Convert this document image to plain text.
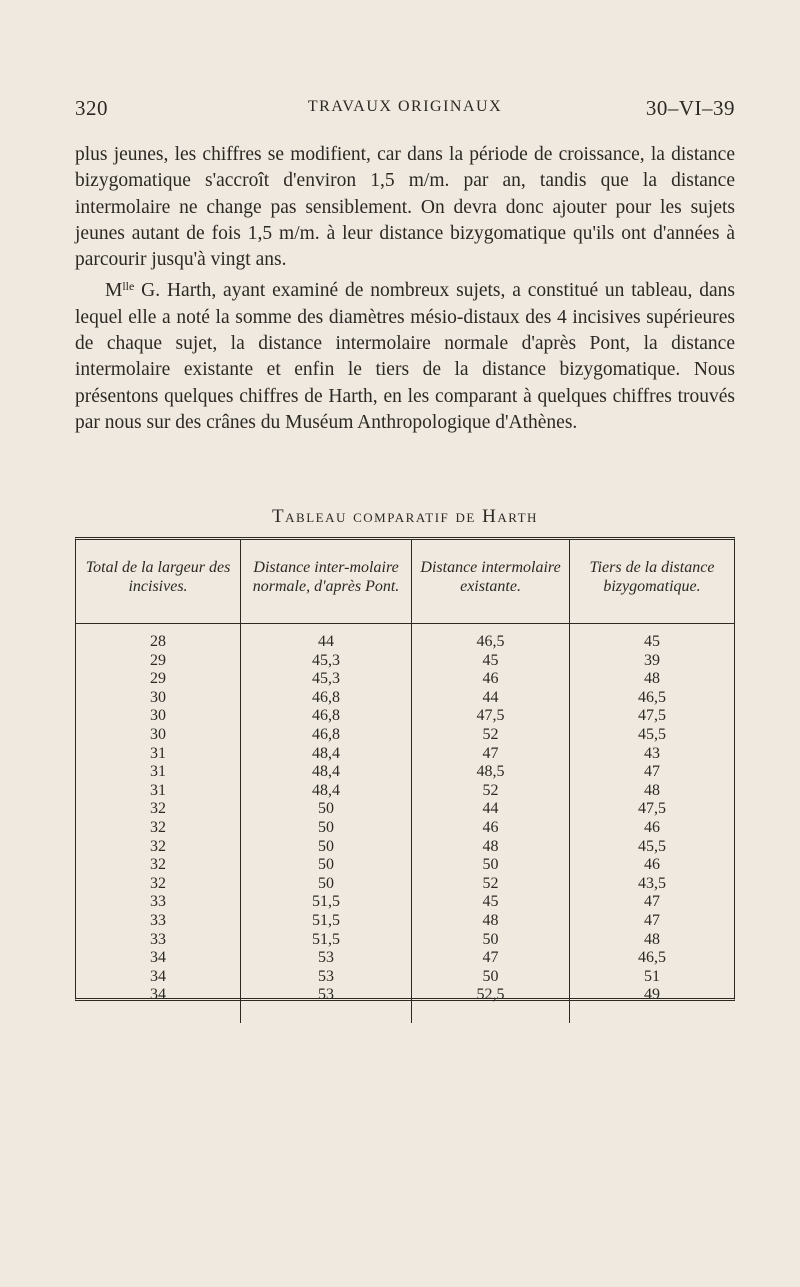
320	TRAVAUX ORIGINAUX	30–VI–39

plus jeunes, les chiffres se modifient, car dans la période de croissance, la distance bizygomatique s'accroît d'environ 1,5 m/m. par an, tandis que la distance intermolaire ne change pas sensiblement. On devra donc ajouter pour les sujets jeunes autant de fois 1,5 m/m. à leur distance bizygomatique qu'ils ont d'années à parcourir jusqu'à vingt ans.

$M^{lle}$ G. Harth, ayant examiné de nombreux sujets, a constitué un tableau, dans lequel elle a noté la somme des diamètres mésio-distaux des 4 incisives supérieures de chaque sujet, la distance intermolaire normale d'après Pont, la distance intermolaire existante et enfin le tiers de la distance bizygomatique. Nous présentons quelques chiffres de Harth, en les comparant à quelques chiffres trouvés par nous sur des crânes du Muséum Anthropologique d'Athènes.

Tableau comparatif de Harth
Total de la largeur des incisives.	Distance inter-molaire normale, d'après Pont.	Distance intermolaire existante.	Tiers de la distance bizygomatique.
28	44	46,5	45
29	45,3	45	39
29	45,3	46	48
30	46,8	44	46,5
30	46,8	47,5	47,5
30	46,8	52	45,5
31	48,4	47	43
31	48,4	48,5	47
31	48,4	52	48
32	50	44	47,5
32	50	46	46
32	50	48	45,5
32	50	50	46
32	50	52	43,5
33	51,5	45	47
33	51,5	48	47
33	51,5	50	48
34	53	47	46,5
34	53	50	51
34	53	52,5	49
